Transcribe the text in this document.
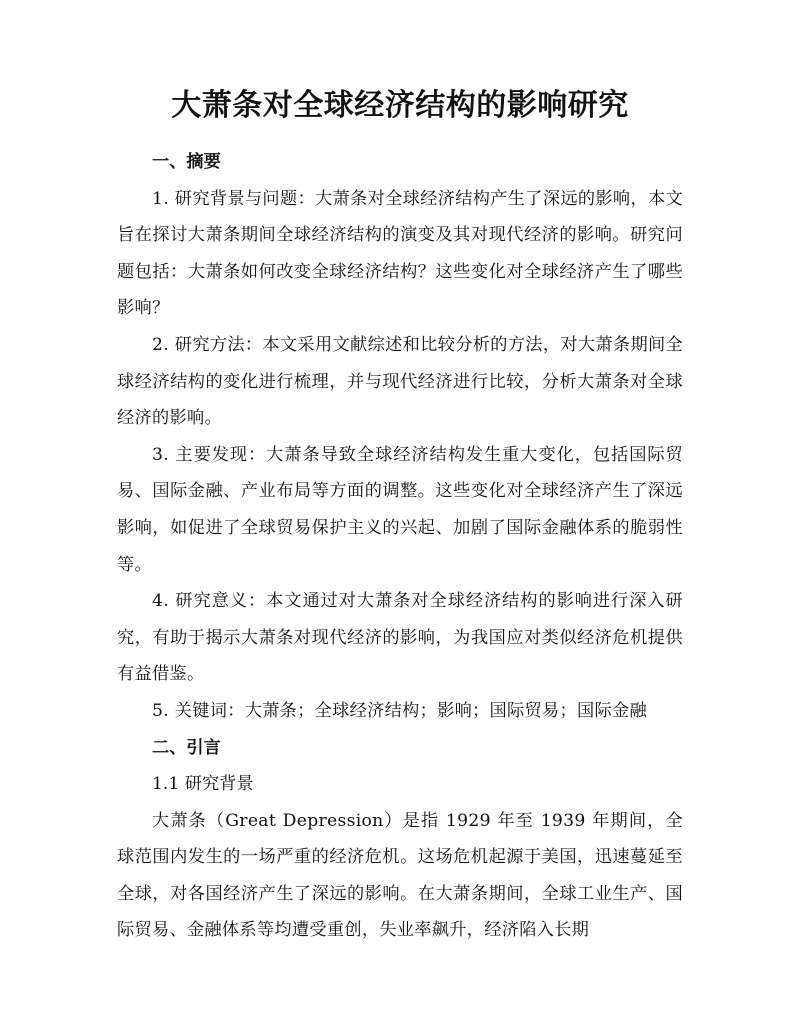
大萧条对全球经济结构的影响研究

一、摘要

1. 研究背景与问题：大萧条对全球经济结构产生了深远的影响，本文旨在探讨大萧条期间全球经济结构的演变及其对现代经济的影响。研究问题包括：大萧条如何改变全球经济结构？这些变化对全球经济产生了哪些影响？

2. 研究方法：本文采用文献综述和比较分析的方法，对大萧条期间全球经济结构的变化进行梳理，并与现代经济进行比较，分析大萧条对全球经济的影响。

3. 主要发现：大萧条导致全球经济结构发生重大变化，包括国际贸易、国际金融、产业布局等方面的调整。这些变化对全球经济产生了深远影响，如促进了全球贸易保护主义的兴起、加剧了国际金融体系的脆弱性等。

4. 研究意义：本文通过对大萧条对全球经济结构的影响进行深入研究，有助于揭示大萧条对现代经济的影响，为我国应对类似经济危机提供有益借鉴。

5. 关键词：大萧条；全球经济结构；影响；国际贸易；国际金融

二、引言

1.1 研究背景

大萧条（Great Depression）是指 1929 年至 1939 年期间，全球范围内发生的一场严重的经济危机。这场危机起源于美国，迅速蔓延至全球，对各国经济产生了深远的影响。在大萧条期间，全球工业生产、国际贸易、金融体系等均遭受重创，失业率飙升，经济陷入长期
